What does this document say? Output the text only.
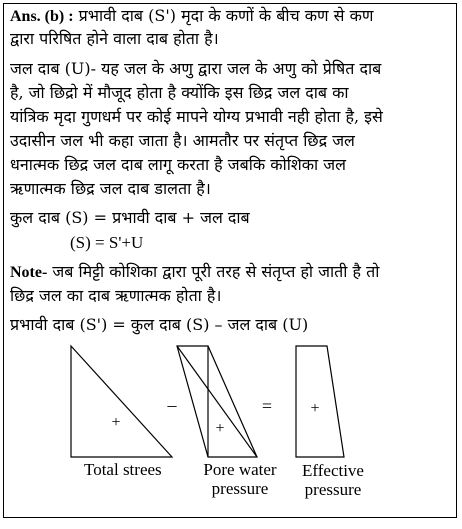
Ans. (b) : प्रभावी दाब (S') मृदा के कणों के बीच कण से कण
द्वारा परिषित होने वाला दाब होता है।
जल दाब (U)- यह जल के अणु द्वारा जल के अणु को प्रेषित दाब
है, जो छिद्रो में मौजूद होता है क्योंकि इस छिद्र जल दाब का
यांत्रिक मृदा गुणधर्म पर कोई मापने योग्य प्रभावी नही होता है, इसे
उदासीन जल भी कहा जाता है। आमतौर पर संतृप्त छिद्र जल
धनात्मक छिद्र जल दाब लागू करता है जबकि कोशिका जल
ऋणात्मक छिद्र जल दाब डालता है।
कुल दाब (S) = प्रभावी दाब + जल दाब
(S) = S'+U
Note- जब मिट्टी कोशिका द्वारा पूरी तरह से संतृप्त हो जाती है तो
छिद्र जल का दाब ऋणात्मक होता है।
प्रभावी दाब (S') = कुल दाब (S) – जल दाब (U)
+	+
+
–	=
Total strees	Pore water
pressure
Effective
pressure
